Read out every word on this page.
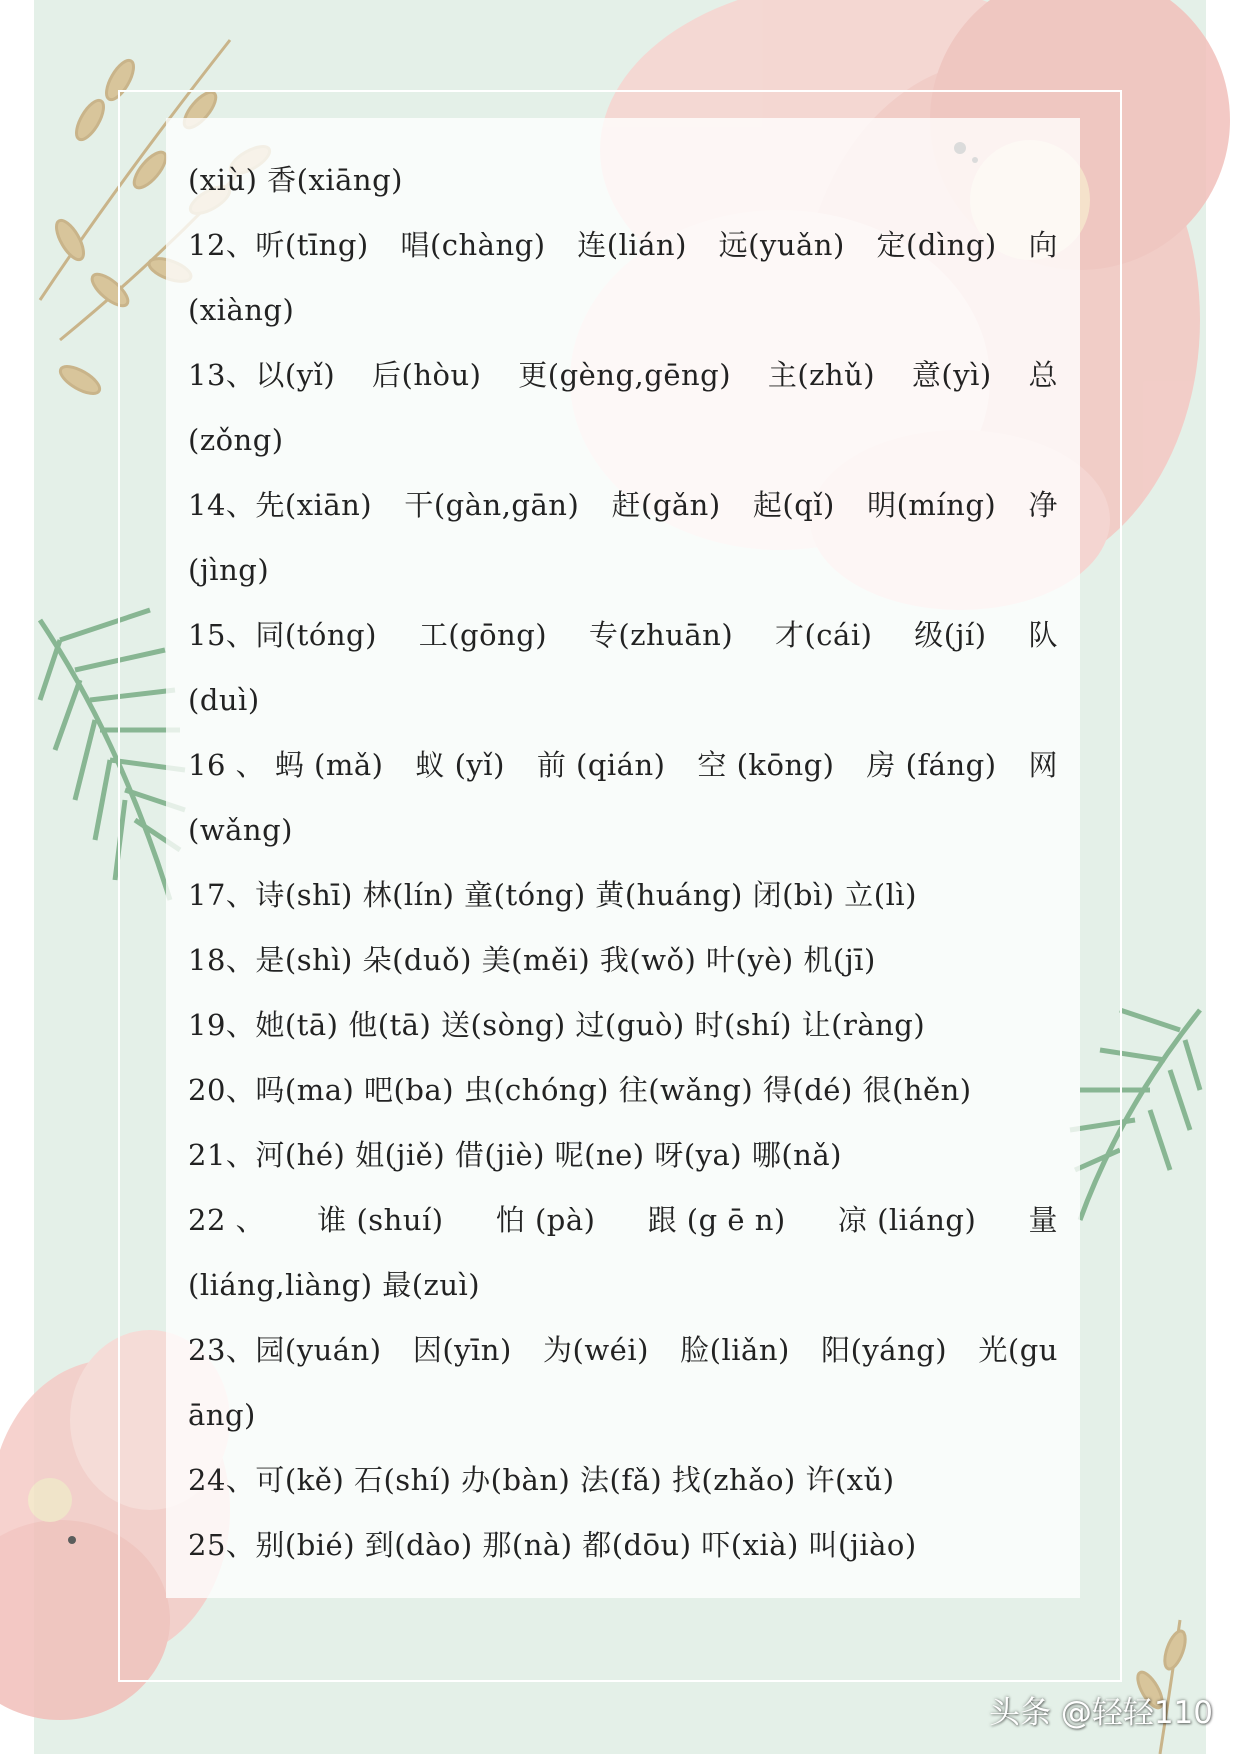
(xiù) 香(xiāng)
12、听(tīng) 唱(chàng) 连(lián) 远(yuǎn) 定(dìng) 向
(xiàng)
13、以(yǐ) 后(hòu) 更(gèng,gēng) 主(zhǔ) 意(yì) 总
(zǒng)
14、先(xiān) 干(gàn,gān) 赶(gǎn) 起(qǐ) 明(míng) 净
(jìng)
15、同(tóng) 工(gōng) 专(zhuān) 才(cái) 级(jí) 队
(duì)
16 、 蚂 (mǎ) 蚁 (yǐ) 前 (qián) 空 (kōng) 房 (fáng) 网
(wǎng)
17、诗(shī) 林(lín) 童(tóng) 黄(huáng) 闭(bì) 立(lì)
18、是(shì) 朵(duǒ) 美(měi) 我(wǒ) 叶(yè) 机(jī)
19、她(tā) 他(tā) 送(sòng) 过(guò) 时(shí) 让(ràng)
20、吗(ma) 吧(ba) 虫(chóng) 往(wǎng) 得(dé) 很(hěn)
21、河(hé) 姐(jiě) 借(jiè) 呢(ne) 呀(ya) 哪(nǎ)
22 、 谁 (shuí) 怕 (pà) 跟 (g ē n) 凉 (liáng) 量
(liáng,liàng) 最(zuì)
23、园(yuán) 因(yīn) 为(wéi) 脸(liǎn) 阳(yáng) 光(gu
āng)
24、可(kě) 石(shí) 办(bàn) 法(fǎ) 找(zhǎo) 许(xǔ)
25、别(bié) 到(dào) 那(nà) 都(dōu) 吓(xià) 叫(jiào)
头条 @轻轻110
